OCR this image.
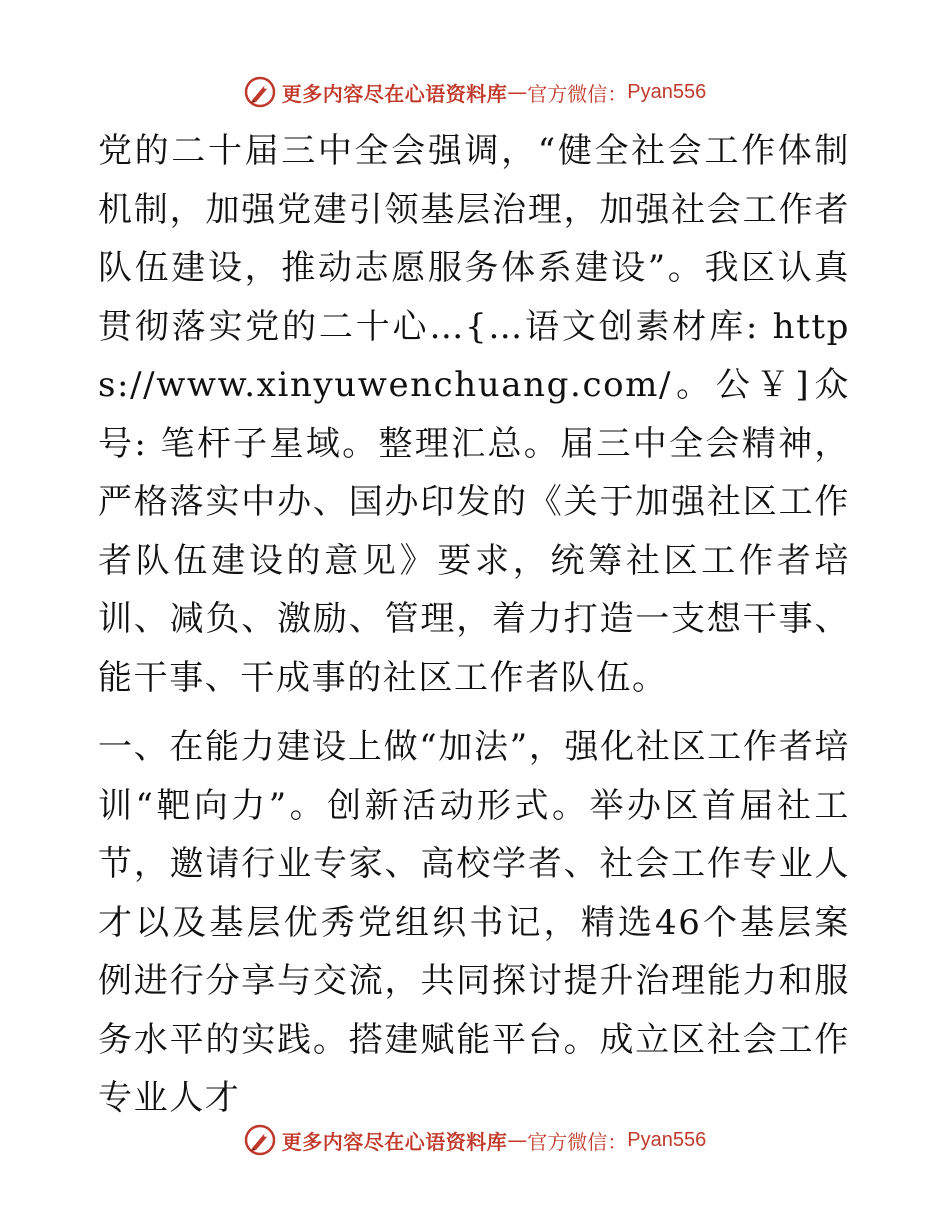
更多内容尽在心语资料库 — 官方微信： Pyan556

党的二十届三中全会强调，“健全社会工作体制机制，加强党建引领基层治理，加强社会工作者队伍建设，推动志愿服务体系建设”。我区认真贯彻落实党的二十心…{…语文创素材库: https://www.xinyuwenchuang.com/。公￥]众号: 笔杆子星域。整理汇总。届三中全会精神，严格落实中办、国办印发的《关于加强社区工作者队伍建设的意见》要求，统筹社区工作者培训、减负、激励、管理，着力打造一支想干事、能干事、干成事的社区工作者队伍。

一、在能力建设上做“加法”，强化社区工作者培训“靶向力”。创新活动形式。举办区首届社工节，邀请行业专家、高校学者、社会工作专业人才以及基层优秀党组织书记，精选46个基层案例进行分享与交流，共同探讨提升治理能力和服务水平的实践。搭建赋能平台。成立区社会工作专业人才

更多内容尽在心语资料库 — 官方微信： Pyan556
